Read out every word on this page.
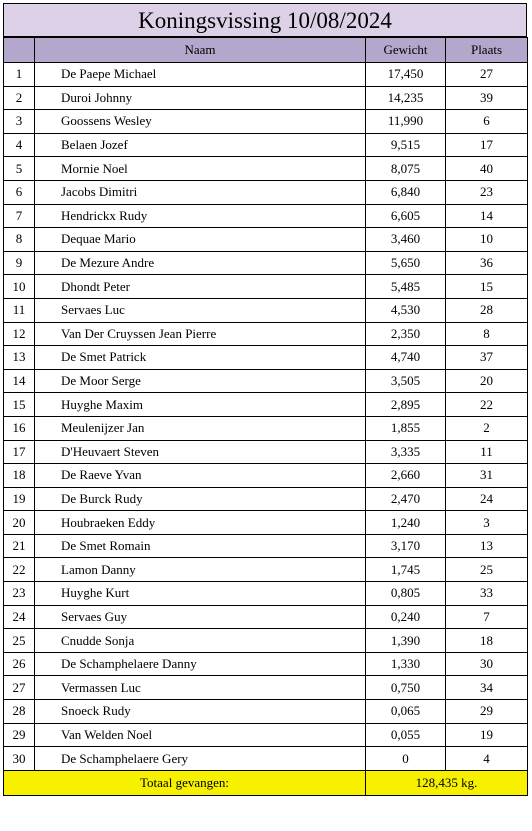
Koningsvissing 10/08/2024
	Naam	Gewicht	Plaats
1	De Paepe Michael	17,450	27
2	Duroi Johnny	14,235	39
3	Goossens Wesley	11,990	6
4	Belaen Jozef	9,515	17
5	Mornie Noel	8,075	40
6	Jacobs Dimitri	6,840	23
7	Hendrickx Rudy	6,605	14
8	Dequae Mario	3,460	10
9	De Mezure Andre	5,650	36
10	Dhondt Peter	5,485	15
11	Servaes Luc	4,530	28
12	Van Der Cruyssen Jean Pierre	2,350	8
13	De Smet Patrick	4,740	37
14	De Moor Serge	3,505	20
15	Huyghe Maxim	2,895	22
16	Meulenijzer Jan	1,855	2
17	D'Heuvaert Steven	3,335	11
18	De Raeve Yvan	2,660	31
19	De Burck Rudy	2,470	24
20	Houbraeken Eddy	1,240	3
21	De Smet Romain	3,170	13
22	Lamon Danny	1,745	25
23	Huyghe Kurt	0,805	33
24	Servaes Guy	0,240	7
25	Cnudde Sonja	1,390	18
26	De Schamphelaere Danny	1,330	30
27	Vermassen Luc	0,750	34
28	Snoeck Rudy	0,065	29
29	Van Welden Noel	0,055	19
30	De Schamphelaere Gery	0	4
Totaal gevangen:		128,435 kg.	
